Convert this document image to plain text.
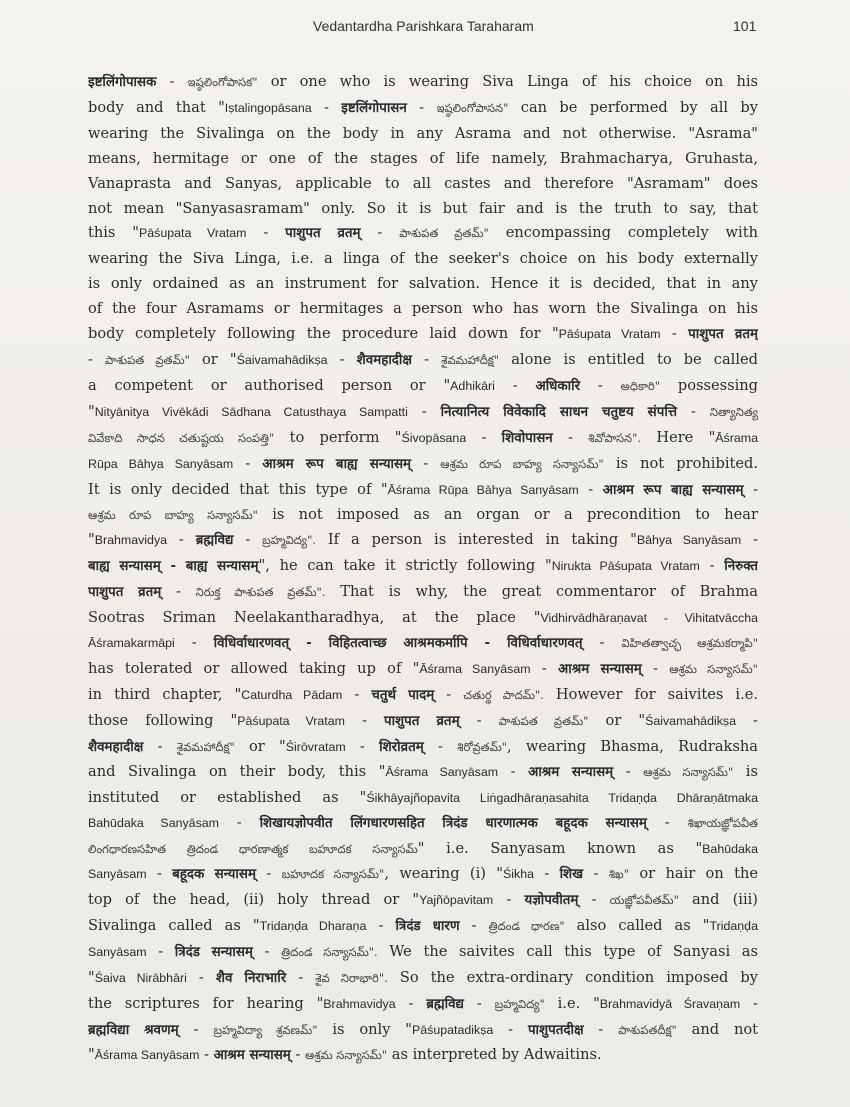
Vedantardha Parishkara Taraharam	101
इष्टलिंगोपासक - ఇష్ఠలింగోపాసక" or one who is wearing Siva Linga of his choice on his
body and that "Iṣtalingopāsana - इष्टलिंगोपासन - ఇష్ఠలింగోపాసన" can be performed by all by
wearing the Sivalinga on the body in any Asrama and not otherwise. "Asrama"
means, hermitage or one of the stages of life namely, Brahmacharya, Gruhasta,
Vanaprasta and Sanyas, applicable to all castes and therefore "Asramam" does
not mean "Sanyasasramam" only. So it is but fair and is the truth to say, that
this "Pāśupata Vratam - पाशुपत व्रतम् - పాశుపత వ్రతమ్" encompassing completely with
wearing the Siva Linga, i.e. a linga of the seeker's choice on his body externally
is only ordained as an instrument for salvation. Hence it is decided, that in any
of the four Asramams or hermitages a person who has worn the Sivalinga on his
body completely following the procedure laid down for "Pāśupata Vratam - पाशुपत व्रतम्
- పాశుపత వ్రతమ్" or "Śaivamahādikṣa - शैवमहादीक्ष - శైవమహాదీక్ష" alone is entitled to be called
a competent or authorised person or "Adhikāri - अधिकारि - అధికారి" possessing
"Nityānitya Vivēkādi Sādhana Catusthaya Sampatti - नित्यानित्य विवेकादि साधन चतुष्टय संपत्ति - నిత్యానిత్య
వివేకాది సాధన చతుష్టయ సంపత్తి" to perform "Śivopāsana - शिवोपासन - శివోపాసన". Here "Āśrama
Rūpa Bāhya Sanyāsam - आश्रम रूप बाह्य सन्यासम् - ఆశ్రమ రూప బాహ్య సన్యాసమ్" is not prohibited.
It is only decided that this type of "Āśrama Rūpa Bāhya Sanyāsam - आश्रम रूप बाह्य सन्यासम् -
ఆశ్రమ రూప బాహ్య సన్యాసమ్" is not imposed as an organ or a precondition to hear
"Brahmavidya - ब्रह्मविद्य - బ్రహ్మవిద్య". If a person is interested in taking "Bāhya Sanyāsam -
बाह्य सन्यासम् - बाह्य सन्यासम्", he can take it strictly following "Nirukta Pāśupata Vratam - निरुक्त
पाशुपत व्रतम् - నిరుక్త పాశుపత వ్రతమ్". That is why, the great commentaror of Brahma
Sootras Sriman Neelakantharadhya, at the place "Vidhirvādhāraṇavat - Vihitatvāccha
Āśramakarmāpi - विधिर्वाधारणवत् - विहितत्वाच्छ आश्रमकर्मापि - विधिर्वाधारणवत् - విహితత్వాచ్ఛ ఆశ్రమకర్మాపి"
has tolerated or allowed taking up of "Āśrama Sanyāsam - आश्रम सन्यासम् - ఆశ్రమ సన్యాసమ్"
in third chapter, "Caturdha Pādam - चतुर्थ पादम् - చతుర్థ పాదమ్". However for saivites i.e.
those following "Pāśupata Vratam - पाशुपत व्रतम् - పాశుపత వ్రతమ్" or "Śaivamahādikṣa -
शैवमहादीक्ष - శైవమహాదీక్ష" or "Śirōvratam - शिरोव्रतम् - శిరోవ్రతమ్", wearing Bhasma, Rudraksha
and Sivalinga on their body, this "Āśrama Sanyāsam - आश्रम सन्यासम् - ఆశ్రమ సన్యాసమ్" is
instituted or established as "Śikhāyajñopavita Liṅgadhāraṇasahita Tridaṇḍa Dhāraṇātmaka
Bahūdaka Sanyāsam - शिखायज्ञोपवीत लिंगधारणसहित त्रिदंड धारणात्मक बहूदक सन्यासम् - శిఖాయజ్ఞోపవీత
లింగధారణసహిత త్రిదండ ధారణాత్మక బహూదక సన్యాసమ్" i.e. Sanyasam known as "Bahūdaka
Sanyāsam - बहूदक सन्यासम् - బహూదక సన్యాసమ్", wearing (i) "Śikha - शिख - శిఖ" or hair on the
top of the head, (ii) holy thread or "Yajñōpavitam - यज्ञोपवीतम् - యజ్ఞోపవీతమ్" and (iii)
Sivalinga called as "Tridaṇḍa Dharaṇa - त्रिदंड धारण - త్రిదండ ధారణ" also called as "Tridaṇḍa
Sanyāsam - त्रिदंड सन्यासम् - త్రిదండ సన్యాసమ్". We the saivites call this type of Sanyasi as
"Śaiva Nirābhāri - शैव निराभारि - శైవ నిరాభారి". So the extra-ordinary condition imposed by
the scriptures for hearing "Brahmavidya - ब्रह्मविद्य - బ్రహ్మవిద్య" i.e. "Brahmavidyā Śravaṇam -
ब्रह्मविद्या श्रवणम् - బ్రహ్మవిద్యా శ్రవణమ్" is only "Pāśupatadikṣa - पाशुपतदीक्ष - పాశుపతదీక్ష" and not
"Āśrama Sanyāsam - आश्रम सन्यासम् - ఆశ్రమ సన్యాసమ్" as interpreted by Adwaitins.
